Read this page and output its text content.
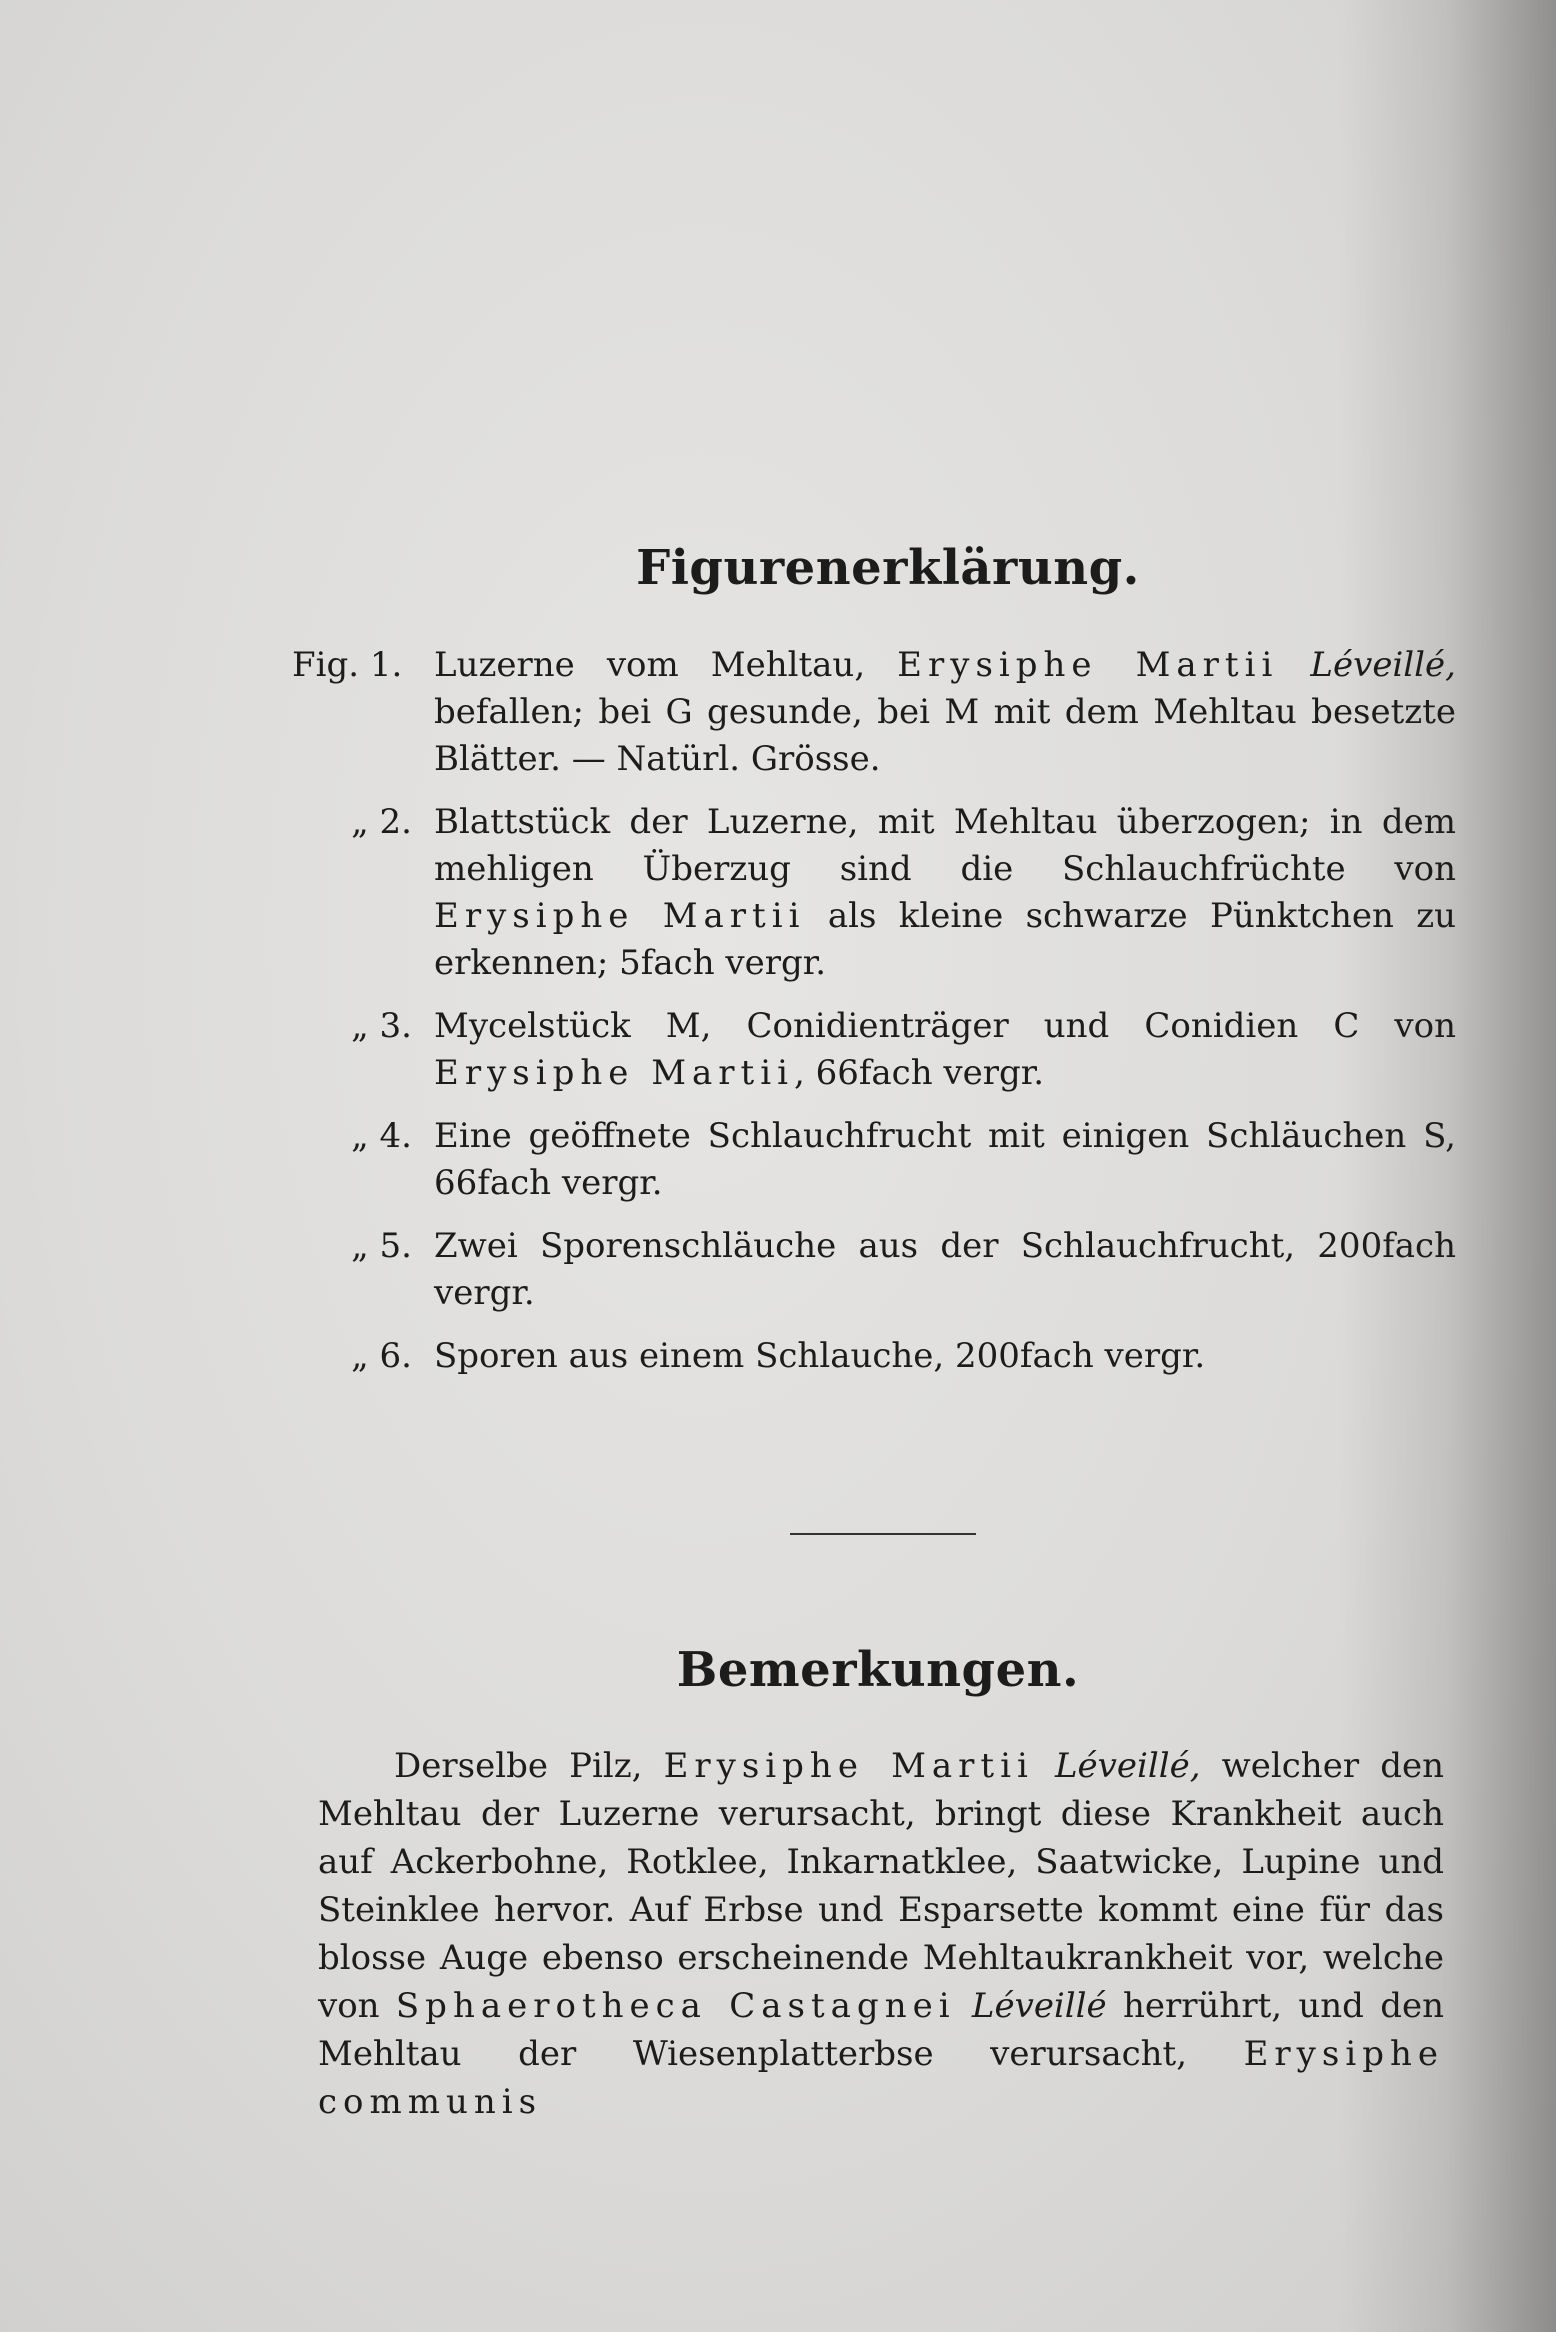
Figurenerklärung.
Fig. 1. Luzerne vom Mehltau, Erysiphe Martii Léveillé, befallen; bei G gesunde, bei M mit dem Mehltau besetzte Blätter. — Natürl. Grösse.
„ 2. Blattstück der Luzerne, mit Mehltau überzogen; in dem mehligen Überzug sind die Schlauchfrüchte von Erysiphe Martii als kleine schwarze Pünktchen zu erkennen; 5fach vergr.
„ 3. Mycelstück M, Conidienträger und Conidien C von Erysiphe Martii, 66fach vergr.
„ 4. Eine geöffnete Schlauchfrucht mit einigen Schläuchen S, 66fach vergr.
„ 5. Zwei Sporenschläuche aus der Schlauchfrucht, 200fach vergr.
„ 6. Sporen aus einem Schlauche, 200fach vergr.
Bemerkungen.
Derselbe Pilz, Erysiphe Martii Léveillé, welcher den Mehltau der Luzerne verursacht, bringt diese Krankheit auch auf Ackerbohne, Rotklee, Inkarnatklee, Saatwicke, Lupine und Steinklee hervor. Auf Erbse und Esparsette kommt eine für das blosse Auge ebenso erscheinende Mehltaukrankheit vor, welche von Sphaerotheca Castagnei Léveillé herrührt, und den Mehltau der Wiesenplatterbse verursacht, Erysiphe communis
